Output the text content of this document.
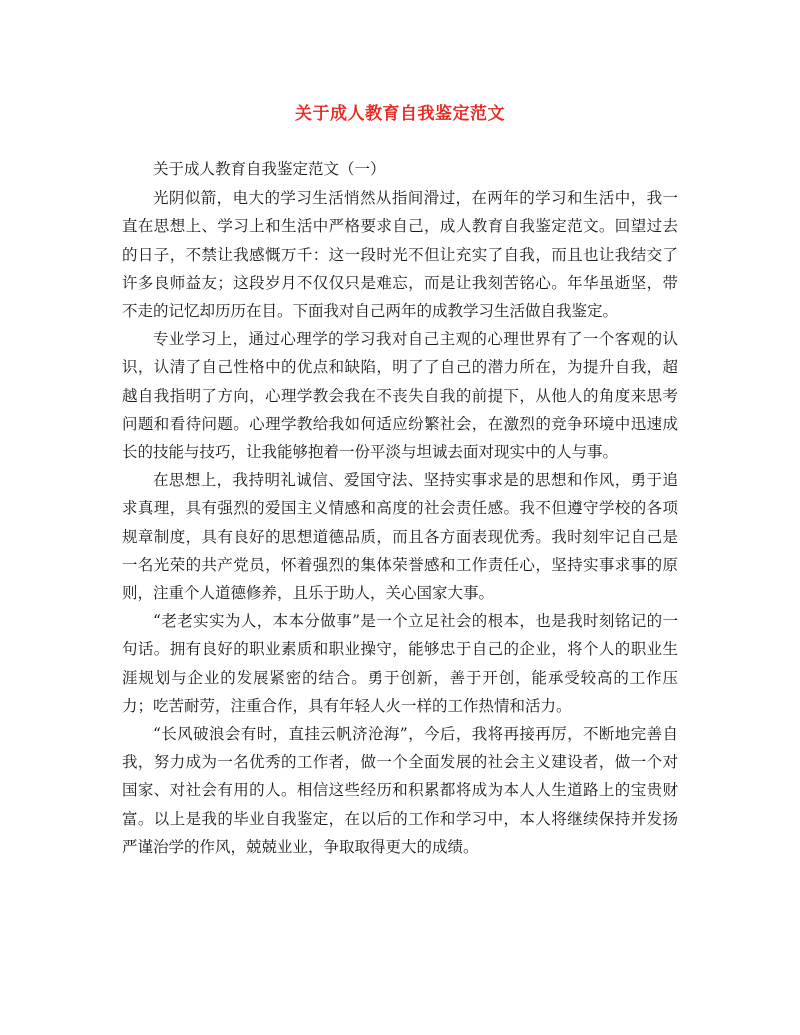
关于成人教育自我鉴定范文

关于成人教育自我鉴定范文（一）

光阴似箭，电大的学习生活悄然从指间滑过，在两年的学习和生活中，我一直在思想上、学习上和生活中严格要求自己，成人教育自我鉴定范文。回望过去的日子，不禁让我感慨万千：这一段时光不但让充实了自我，而且也让我结交了许多良师益友；这段岁月不仅仅只是难忘，而是让我刻苦铭心。年华虽逝坚，带不走的记忆却历历在目。下面我对自己两年的成教学习生活做自我鉴定。

专业学习上，通过心理学的学习我对自己主观的心理世界有了一个客观的认识，认清了自己性格中的优点和缺陷，明了了自己的潜力所在，为提升自我，超越自我指明了方向，心理学教会我在不丧失自我的前提下，从他人的角度来思考问题和看待问题。心理学教给我如何适应纷繁社会，在激烈的竞争环境中迅速成长的技能与技巧，让我能够抱着一份平淡与坦诚去面对现实中的人与事。

在思想上，我持明礼诚信、爱国守法、坚持实事求是的思想和作风，勇于追求真理，具有强烈的爱国主义情感和高度的社会责任感。我不但遵守学校的各项规章制度，具有良好的思想道德品质，而且各方面表现优秀。我时刻牢记自己是一名光荣的共产党员，怀着强烈的集体荣誉感和工作责任心，坚持实事求事的原则，注重个人道德修养，且乐于助人，关心国家大事。

“老老实实为人，本本分做事”是一个立足社会的根本，也是我时刻铭记的一句话。拥有良好的职业素质和职业操守，能够忠于自己的企业，将个人的职业生涯规划与企业的发展紧密的结合。勇于创新，善于开创，能承受较高的工作压力；吃苦耐劳，注重合作，具有年轻人火一样的工作热情和活力。

“长风破浪会有时，直挂云帆济沧海”，今后，我将再接再厉，不断地完善自我，努力成为一名优秀的工作者，做一个全面发展的社会主义建设者，做一个对国家、对社会有用的人。相信这些经历和积累都将成为本人人生道路上的宝贵财富。以上是我的毕业自我鉴定，在以后的工作和学习中，本人将继续保持并发扬严谨治学的作风，兢兢业业，争取取得更大的成绩。
